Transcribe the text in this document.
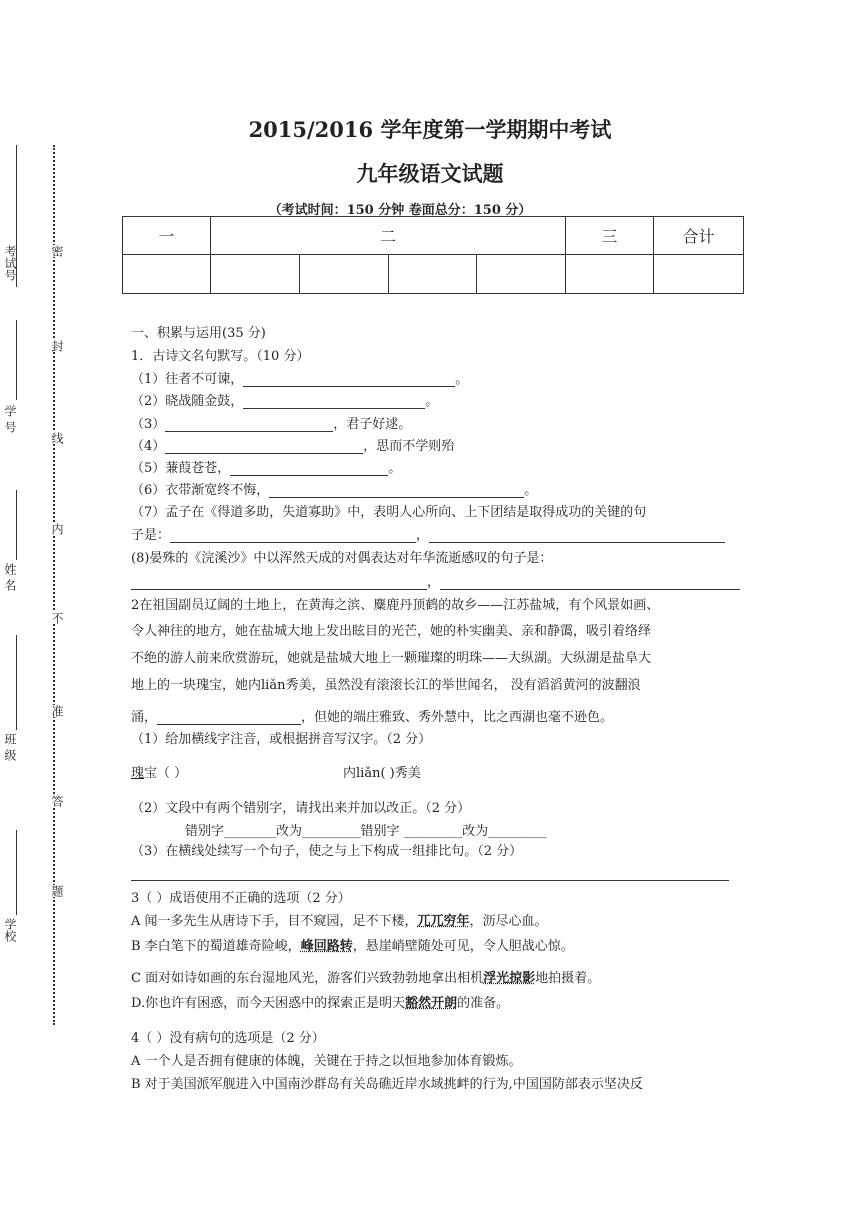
考试号
学 号
姓 名
班 级
学校
密
封
线
内
不
准
答
题
2015/2016 学年度第一学期期中考试
九年级语文试题
（考试时间：150 分钟 卷面总分：150 分）
一	二				三	合计

一、积累与运用(35 分)
1．古诗文名句默写。（10 分）
（1）往者不可谏，	。
（2）晓战随金鼓，	。
（3）	，君子好逑。
（4）	，思而不学则殆
（5）蒹葭苍苍，	。
（6）衣带渐宽终不悔，	。
（7）孟子在《得道多助，失道寡助》中，表明人心所向、上下团结是取得成功的关键的句
子是：	，
(8)晏殊的《浣溪沙》中以浑然天成的对偶表达对年华流逝感叹的句子是：
，
2在祖国副员辽阔的土地上，在黄海之滨、麋鹿丹顶鹤的故乡——江苏盐城，有个风景如画、
令人神往的地方，她在盐城大地上发出眩目的光芒，她的朴实幽美、亲和静霭，吸引着络绎
不绝的游人前来欣赏游玩，她就是盐城大地上一颗璀璨的明珠——大纵湖。大纵湖是盐阜大
地上的一块瑰宝，她内liǎn秀美，虽然没有滚滚长江的举世闻名， 没有滔滔黄河的波翻浪
涌，	，但她的端庄雅致、秀外慧中，比之西湖也毫不逊色。
（1）给加横线字注音，或根据拼音写汉字。（2 分）
瑰宝（ ）	内liǎn( )秀美
（2）文段中有两个错别字，请找出来并加以改正。（2 分）
错别字________改为_________错别字 _________改为_________
（3）在横线处续写一个句子，使之与上下构成一组排比句。（2 分）
3（ ）成语使用不正确的选项（2 分）
A 闻一多先生从唐诗下手，目不窥园，足不下楼，兀兀穷年，沥尽心血。
B 李白笔下的蜀道雄奇险峻，峰回路转，悬崖峭壁随处可见，令人胆战心惊。
C 面对如诗如画的东台湿地风光，游客们兴致勃勃地拿出相机浮光掠影地拍摄着。
D.你也许有困惑，而今天困惑中的探索正是明天豁然开朗的准备。
4（ ）没有病句的选项是（2 分）
A 一个人是否拥有健康的体魄，关键在于持之以恒地参加体育锻炼。
B 对于美国派军舰进入中国南沙群岛有关岛礁近岸水域挑衅的行为,中国国防部表示坚决反
